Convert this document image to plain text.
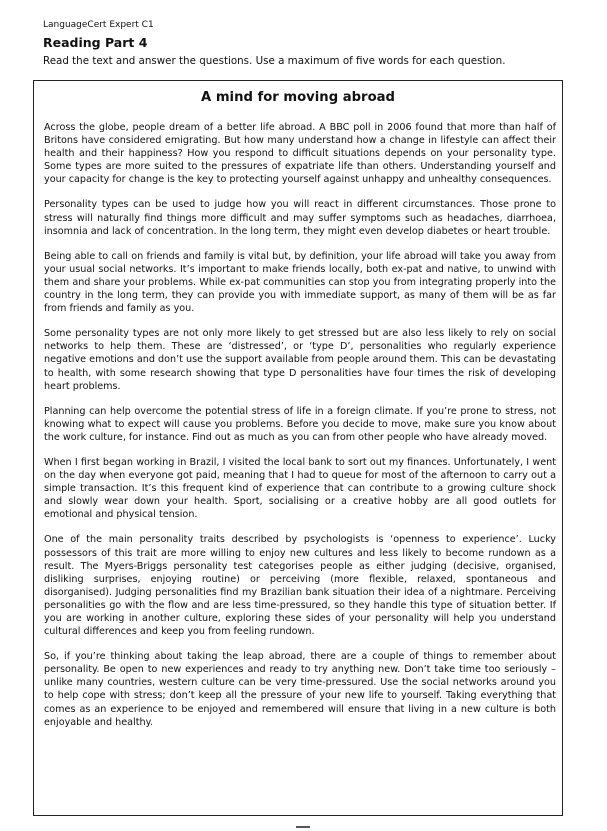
LanguageCert Expert C1

Reading Part 4

Read the text and answer the questions. Use a maximum of five words for each question.

A mind for moving abroad

Across the globe, people dream of a better life abroad. A BBC poll in 2006 found that more than half of Britons have considered emigrating. But how many understand how a change in lifestyle can affect their health and their happiness? How you respond to difficult situations depends on your personality type. Some types are more suited to the pressures of expatriate life than others. Understanding yourself and your capacity for change is the key to protecting yourself against unhappy and unhealthy consequences.

Personality types can be used to judge how you will react in different circumstances. Those prone to stress will naturally find things more difficult and may suffer symptoms such as headaches, diarrhoea, insomnia and lack of concentration. In the long term, they might even develop diabetes or heart trouble.

Being able to call on friends and family is vital but, by definition, your life abroad will take you away from your usual social networks. It’s important to make friends locally, both ex-pat and native, to unwind with them and share your problems. While ex-pat communities can stop you from integrating properly into the country in the long term, they can provide you with immediate support, as many of them will be as far from friends and family as you.

Some personality types are not only more likely to get stressed but are also less likely to rely on social networks to help them. These are ‘distressed’, or ‘type D’, personalities who regularly experience negative emotions and don’t use the support available from people around them. This can be devastating to health, with some research showing that type D personalities have four times the risk of developing heart problems.

Planning can help overcome the potential stress of life in a foreign climate. If you’re prone to stress, not knowing what to expect will cause you problems. Before you decide to move, make sure you know about the work culture, for instance. Find out as much as you can from other people who have already moved.

When I first began working in Brazil, I visited the local bank to sort out my finances. Unfortunately, I went on the day when everyone got paid, meaning that I had to queue for most of the afternoon to carry out a simple transaction. It’s this frequent kind of experience that can contribute to a growing culture shock and slowly wear down your health. Sport, socialising or a creative hobby are all good outlets for emotional and physical tension.

One of the main personality traits described by psychologists is ‘openness to experience’. Lucky possessors of this trait are more willing to enjoy new cultures and less likely to become rundown as a result. The Myers-Briggs personality test categorises people as either judging (decisive, organised, disliking surprises, enjoying routine) or perceiving (more flexible, relaxed, spontaneous and disorganised). Judging personalities find my Brazilian bank situation their idea of a nightmare. Perceiving personalities go with the flow and are less time-pressured, so they handle this type of situation better. If you are working in another culture, exploring these sides of your personality will help you understand cultural differences and keep you from feeling rundown.

So, if you’re thinking about taking the leap abroad, there are a couple of things to remember about personality. Be open to new experiences and ready to try anything new. Don’t take time too seriously – unlike many countries, western culture can be very time-pressured. Use the social networks around you to help cope with stress; don’t keep all the pressure of your new life to yourself. Taking everything that comes as an experience to be enjoyed and remembered will ensure that living in a new culture is both enjoyable and healthy.
